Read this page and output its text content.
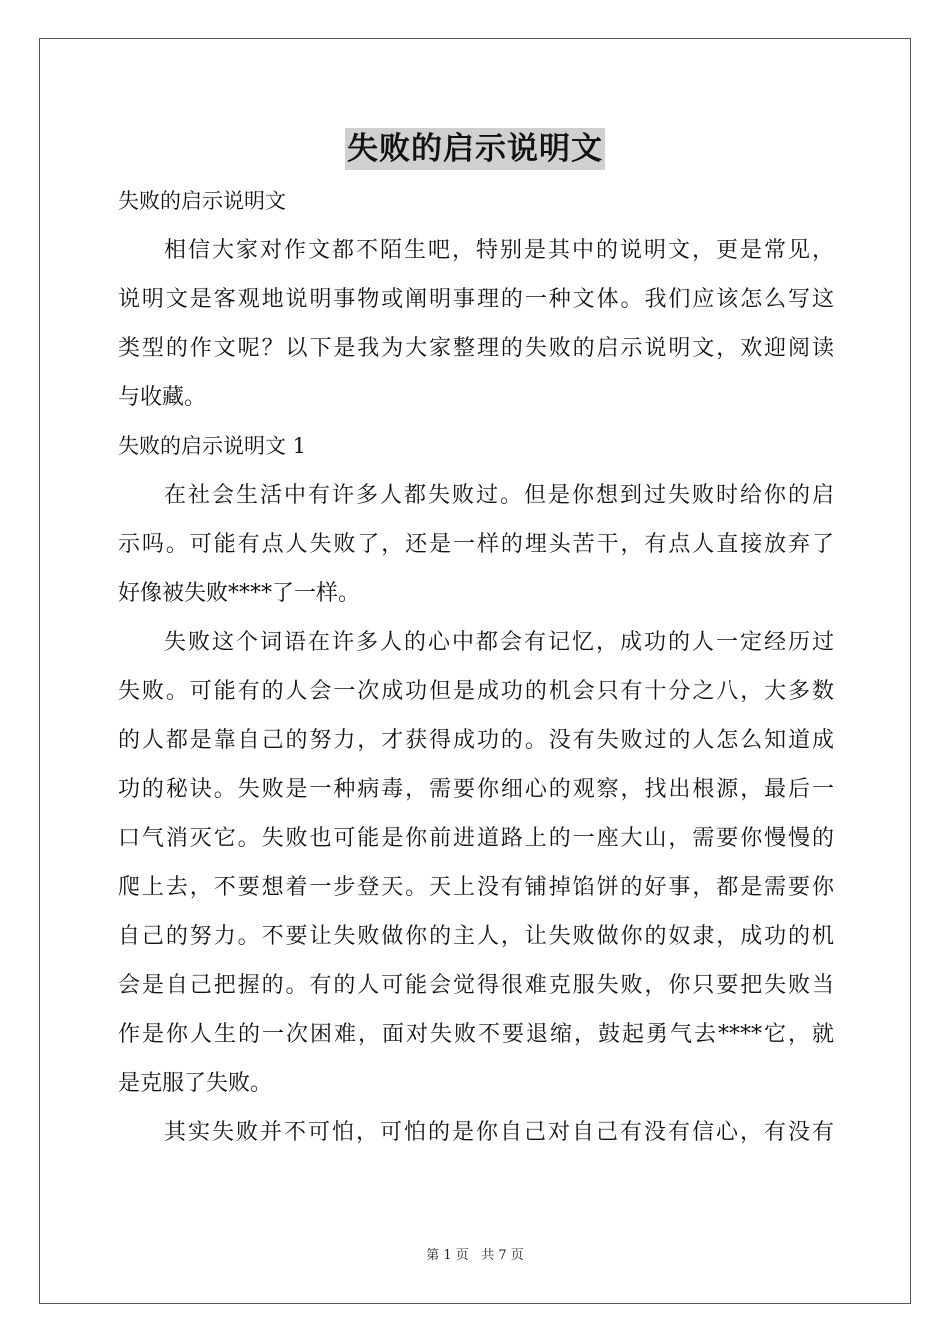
失败的启示说明文
失败的启示说明文
相信大家对作文都不陌生吧，特别是其中的说明文，更是常见，
说明文是客观地说明事物或阐明事理的一种文体。我们应该怎么写这
类型的作文呢？以下是我为大家整理的失败的启示说明文，欢迎阅读
与收藏。
失败的启示说明文 1
在社会生活中有许多人都失败过。但是你想到过失败时给你的启
示吗。可能有点人失败了，还是一样的埋头苦干，有点人直接放弃了
好像被失败****了一样。
失败这个词语在许多人的心中都会有记忆，成功的人一定经历过
失败。可能有的人会一次成功但是成功的机会只有十分之八，大多数
的人都是靠自己的努力，才获得成功的。没有失败过的人怎么知道成
功的秘诀。失败是一种病毒，需要你细心的观察，找出根源，最后一
口气消灭它。失败也可能是你前进道路上的一座大山，需要你慢慢的
爬上去，不要想着一步登天。天上没有铺掉馅饼的好事，都是需要你
自己的努力。不要让失败做你的主人，让失败做你的奴隶，成功的机
会是自己把握的。有的人可能会觉得很难克服失败，你只要把失败当
作是你人生的一次困难，面对失败不要退缩，鼓起勇气去****它，就
是克服了失败。
其实失败并不可怕，可怕的是你自己对自己有没有信心，有没有
第 1 页 共 7 页
